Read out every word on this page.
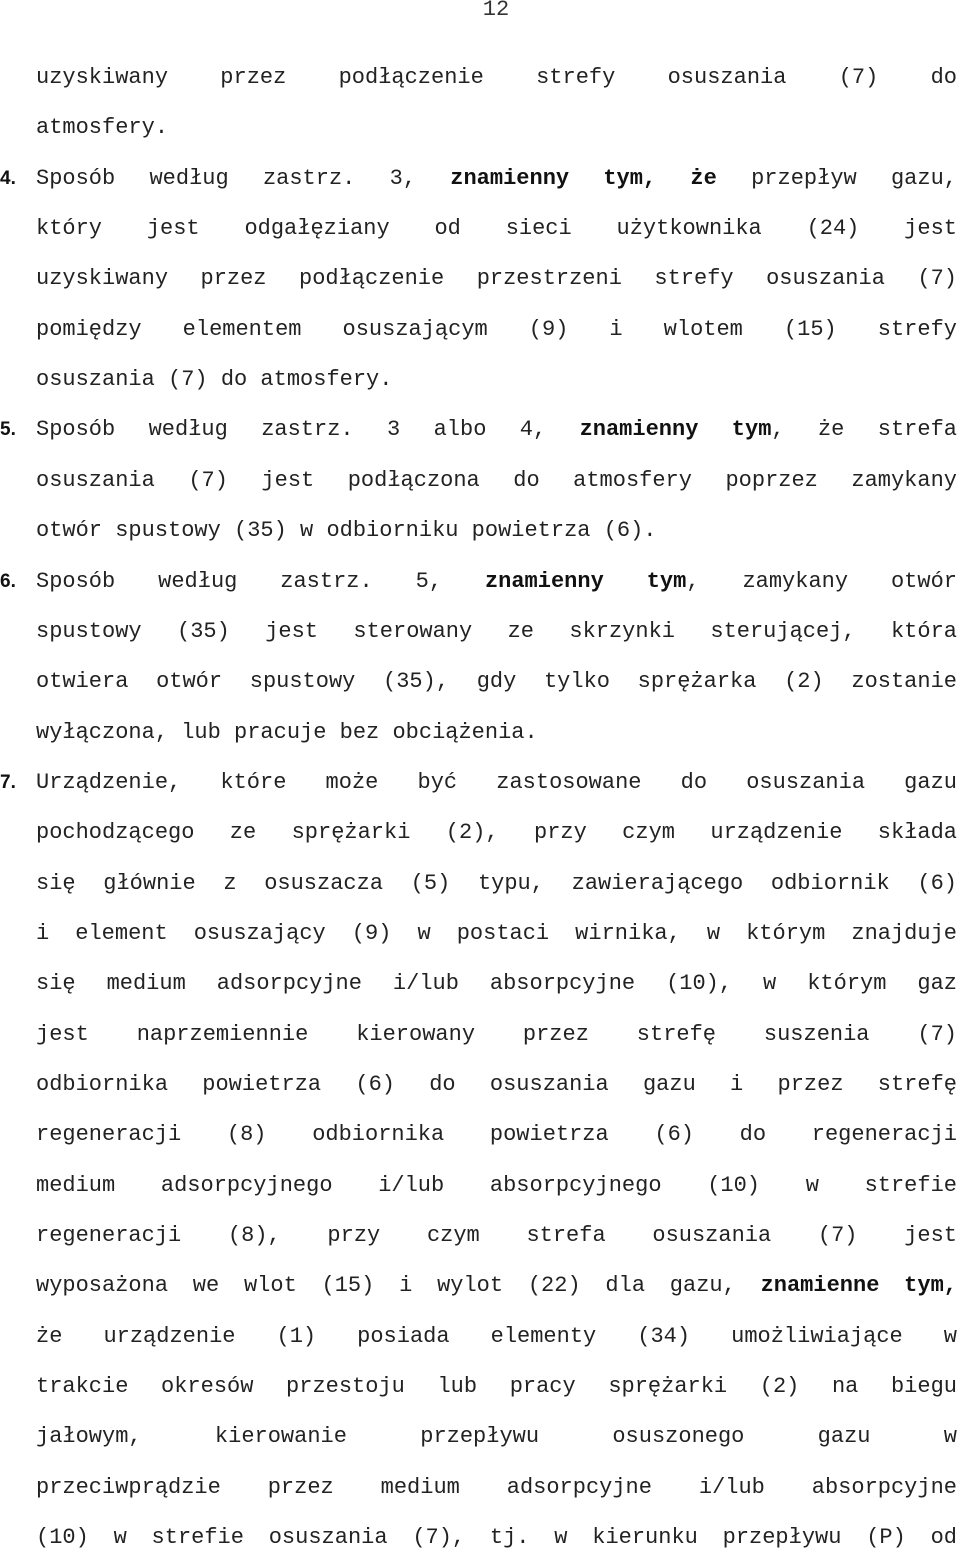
12
uzyskiwany przez podłączenie strefy osuszania (7) do
atmosfery.
4. Sposób według zastrz. 3, znamienny tym, że przepływ gazu,
który jest odgałęziany od sieci użytkownika (24) jest
uzyskiwany przez podłączenie przestrzeni strefy osuszania (7)
pomiędzy elementem osuszającym (9) i wlotem (15) strefy
osuszania (7) do atmosfery.
5. Sposób według zastrz. 3 albo 4, znamienny tym, że strefa
osuszania (7) jest podłączona do atmosfery poprzez zamykany
otwór spustowy (35) w odbiorniku powietrza (6).
6. Sposób według zastrz. 5, znamienny tym, zamykany otwór
spustowy (35) jest sterowany ze skrzynki sterującej, która
otwiera otwór spustowy (35), gdy tylko sprężarka (2) zostanie
wyłączona, lub pracuje bez obciążenia.
7. Urządzenie, które może być zastosowane do osuszania gazu
pochodzącego ze sprężarki (2), przy czym urządzenie składa
się głównie z osuszacza (5) typu, zawierającego odbiornik (6)
i element osuszający (9) w postaci wirnika, w którym znajduje
się medium adsorpcyjne i/lub absorpcyjne (10), w którym gaz
jest naprzemiennie kierowany przez strefę suszenia (7)
odbiornika powietrza (6) do osuszania gazu i przez strefę
regeneracji (8) odbiornika powietrza (6) do regeneracji
medium adsorpcyjnego i/lub absorpcyjnego (10) w strefie
regeneracji (8), przy czym strefa osuszania (7) jest
wyposażona we wlot (15) i wylot (22) dla gazu, znamienne tym,
że urządzenie (1) posiada elementy (34) umożliwiające w
trakcie okresów przestoju lub pracy sprężarki (2) na biegu
jałowym, kierowanie przepływu osuszonego gazu w
przeciwprądzie przez medium adsorpcyjne i/lub absorpcyjne
(10) w strefie osuszania (7), tj. w kierunku przepływu (P) od
